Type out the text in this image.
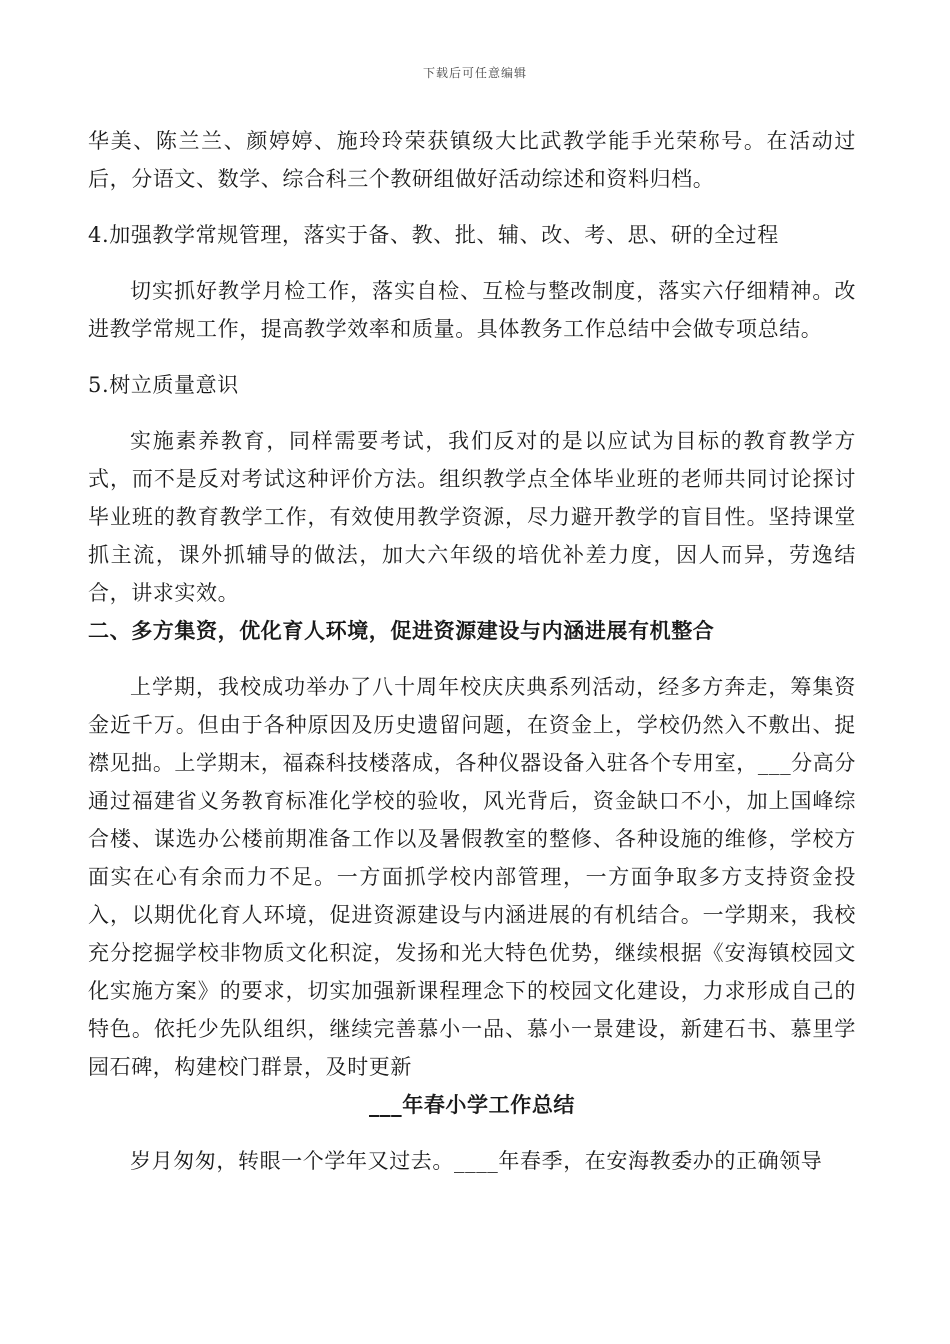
下载后可任意编辑

华美、陈兰兰、颜婷婷、施玲玲荣获镇级大比武教学能手光荣称号。在活动过后，分语文、数学、综合科三个教研组做好活动综述和资料归档。

4.加强教学常规管理，落实于备、教、批、辅、改、考、思、研的全过程

切实抓好教学月检工作，落实自检、互检与整改制度，落实六仔细精神。改进教学常规工作，提高教学效率和质量。具体教务工作总结中会做专项总结。

5.树立质量意识

实施素养教育，同样需要考试，我们反对的是以应试为目标的教育教学方式，而不是反对考试这种评价方法。组织教学点全体毕业班的老师共同讨论探讨毕业班的教育教学工作，有效使用教学资源，尽力避开教学的盲目性。坚持课堂抓主流，课外抓辅导的做法，加大六年级的培优补差力度，因人而异，劳逸结合，讲求实效。

二、多方集资，优化育人环境，促进资源建设与内涵进展有机整合

上学期，我校成功举办了八十周年校庆庆典系列活动，经多方奔走，筹集资金近千万。但由于各种原因及历史遗留问题，在资金上，学校仍然入不敷出、捉襟见拙。上学期末，福森科技楼落成，各种仪器设备入驻各个专用室，___分高分通过福建省义务教育标准化学校的验收，风光背后，资金缺口不小，加上国峰综合楼、谋选办公楼前期准备工作以及暑假教室的整修、各种设施的维修，学校方面实在心有余而力不足。一方面抓学校内部管理，一方面争取多方支持资金投入，以期优化育人环境，促进资源建设与内涵进展的有机结合。一学期来，我校充分挖掘学校非物质文化积淀，发扬和光大特色优势，继续根据《安海镇校园文化实施方案》的要求，切实加强新课程理念下的校园文化建设，力求形成自己的特色。依托少先队组织，继续完善慕小一品、慕小一景建设，新建石书、慕里学园石碑，构建校门群景，及时更新

___年春小学工作总结

岁月匆匆，转眼一个学年又过去。____年春季，在安海教委办的正确领导
